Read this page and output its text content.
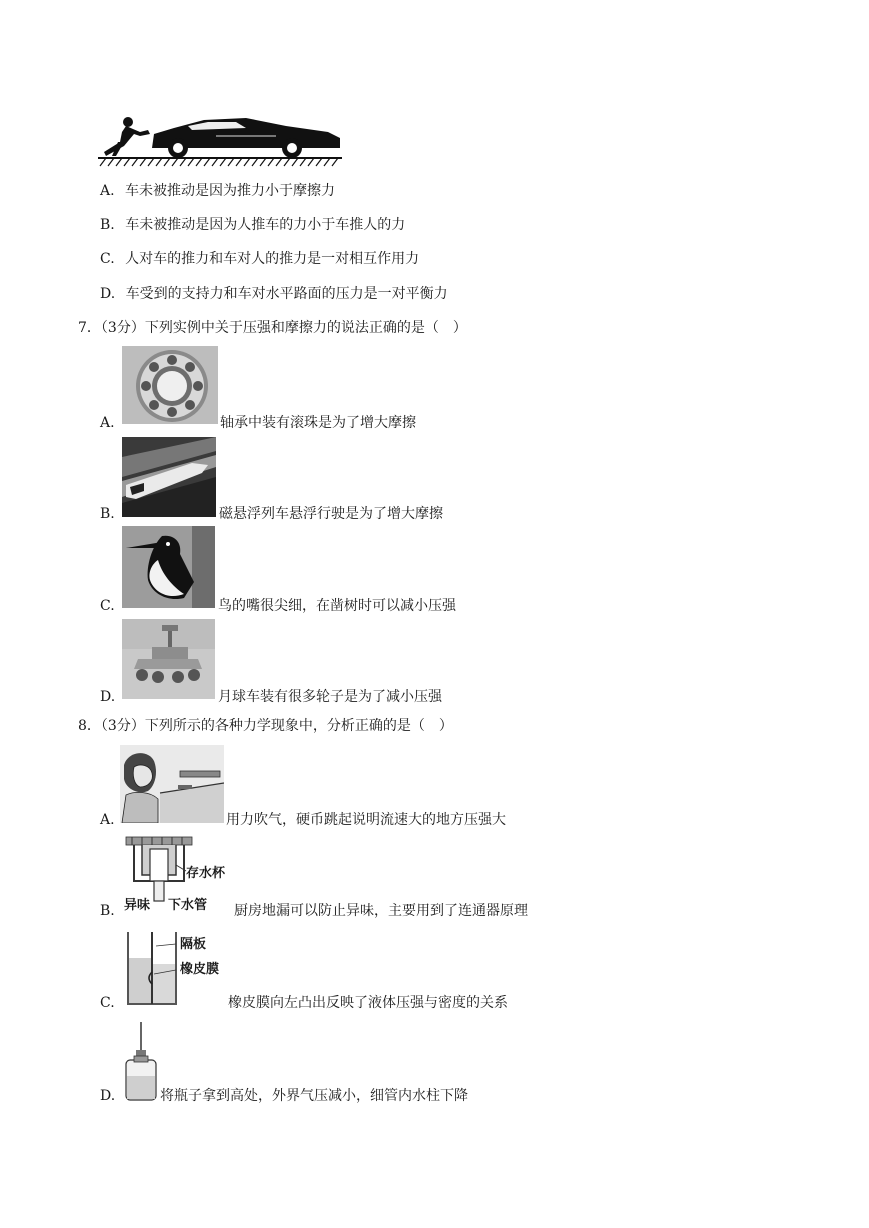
A. 车未被推动是因为推力小于摩擦力
B. 车未被推动是因为人推车的力小于车推人的力
C. 人对车的推力和车对人的推力是一对相互作用力
D. 车受到的支持力和车对水平路面的压力是一对平衡力
7．（3分）下列实例中关于压强和摩擦力的说法正确的是（　）
A.	轴承中装有滚珠是为了增大摩擦
B.	磁悬浮列车悬浮行驶是为了增大摩擦
C.	鸟的嘴很尖细，在凿树时可以减小压强
D.	月球车装有很多轮子是为了减小压强
8．（3分）下列所示的各种力学现象中，分析正确的是（　）
A.	用力吹气，硬币跳起说明流速大的地方压强大
存水杯
异味 下水管
B.	厨房地漏可以防止异味，主要用到了连通器原理
隔板
橡皮膜
C.	橡皮膜向左凸出反映了液体压强与密度的关系
D.	将瓶子拿到高处，外界气压减小，细管内水柱下降
